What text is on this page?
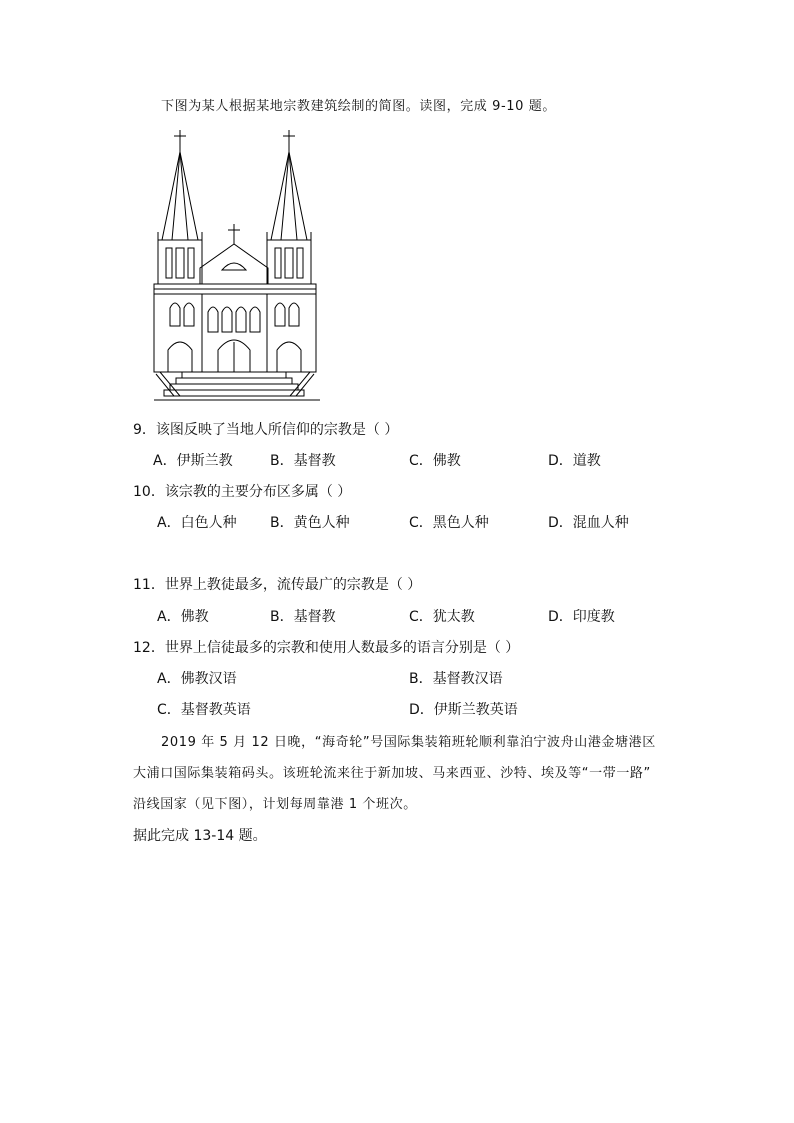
下图为某人根据某地宗教建筑绘制的简图。读图，完成 9-10 题。
9．该图反映了当地人所信仰的宗教是（ ）
A．伊斯兰教	B．基督教	C．佛教	D．道教
10．该宗教的主要分布区多属（ ）
A．白色人种 B．黄色人种	C．黑色人种	D．混血人种
11．世界上教徒最多，流传最广的宗教是（ ）
A．佛教	B．基督教	C．犹太教	D．印度教
12．世界上信徒最多的宗教和使用人数最多的语言分别是（ ）
A．佛教汉语	B．基督教汉语
C．基督教英语	D．伊斯兰教英语
2019 年 5 月 12 日晚，“海奇轮”号国际集装箱班轮顺利靠泊宁波舟山港金塘港区
大浦口国际集装箱码头。该班轮流来往于新加坡、马来西亚、沙特、埃及等“一带一路”
沿线国家（见下图），计划每周靠港 1 个班次。
据此完成 13-14 题。
